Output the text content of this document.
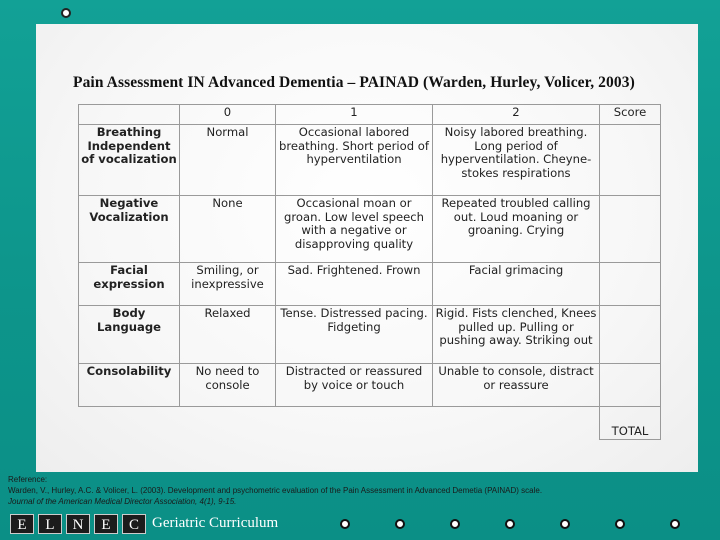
Pain Assessment IN Advanced Dementia – PAINAD (Warden, Hurley, Volicer, 2003)
	0	1	2	Score
Breathing Independent of vocalization	Normal	Occasional labored breathing. Short period of hyperventilation	Noisy labored breathing. Long period of hyperventilation. Cheyne-stokes respirations	
Negative Vocalization	None	Occasional moan or groan. Low level speech with a negative or disapproving quality	Repeated troubled calling out. Loud moaning or groaning. Crying	
Facial expression	Smiling, or inexpressive	Sad. Frightened. Frown	Facial grimacing	
Body Language	Relaxed	Tense. Distressed pacing. Fidgeting	Rigid. Fists clenched, Knees pulled up. Pulling or pushing away. Striking out	
Consolability	No need to console	Distracted or reassured by voice or touch	Unable to console, distract or reassure	
				TOTAL
Reference:
Warden, V., Hurley, A.C. & Volicer, L. (2003). Development and psychometric evaluation of the Pain Assessment in Advanced Demetia (PAINAD) scale.
Journal of the American Medical Director Association, 4(1), 9-15.
E	L	N	E	C Geriatric Curriculum
